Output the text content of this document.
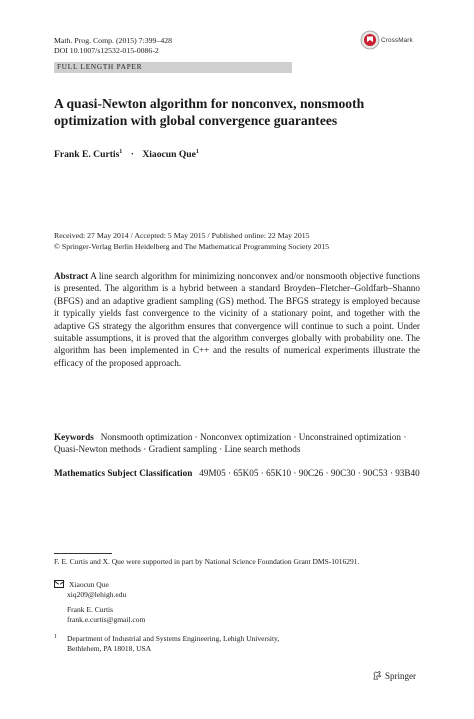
Math. Prog. Comp. (2015) 7:399–428
DOI 10.1007/s12532-015-0086-2
CrossMark
FULL LENGTH PAPER
A quasi-Newton algorithm for nonconvex, nonsmooth
optimization with global convergence guarantees
Frank E. Curtis$^1$ · Xiaocun Que$^1$
Received: 27 May 2014 / Accepted: 5 May 2015 / Published online: 22 May 2015
© Springer-Verlag Berlin Heidelberg and The Mathematical Programming Society 2015
Abstract A line search algorithm for minimizing nonconvex and/or nonsmooth objective functions is presented. The algorithm is a hybrid between a standard Broyden–Fletcher–Goldfarb–Shanno (BFGS) and an adaptive gradient sampling (GS) method. The BFGS strategy is employed because it typically yields fast convergence to the vicinity of a stationary point, and together with the adaptive GS strategy the algorithm ensures that convergence will continue to such a point. Under suitable assumptions, it is proved that the algorithm converges globally with probability one. The algorithm has been implemented in C++ and the results of numerical experiments illustrate the efficacy of the proposed approach.
Keywords Nonsmooth optimization · Nonconvex optimization · Unconstrained optimization · Quasi-Newton methods · Gradient sampling · Line search methods
Mathematics Subject Classification 49M05 · 65K05 · 65K10 · 90C26 · 90C30 · 90C53 · 93B40
F. E. Curtis and X. Que were supported in part by National Science Foundation Grant DMS-1016291.
Xiaocun Que
xiq209@lehigh.edu
Frank E. Curtis
frank.e.curtis@gmail.com
1	Department of Industrial and Systems Engineering, Lehigh University,
Bethlehem, PA 18018, USA
Springer
